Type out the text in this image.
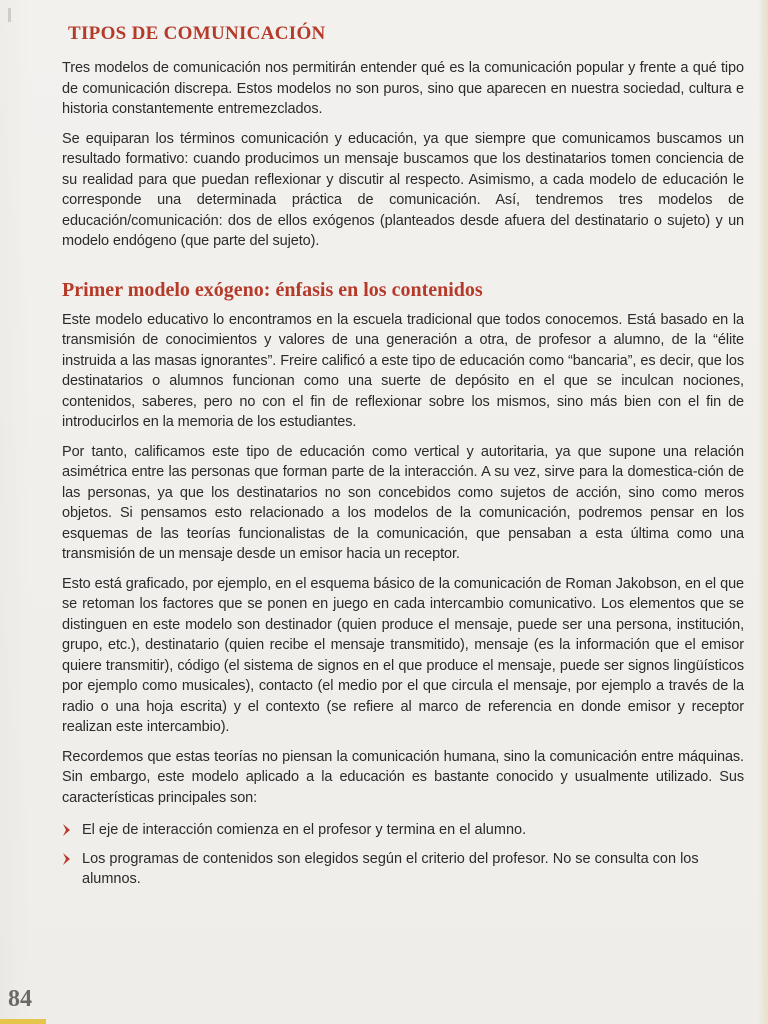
TIPOS DE COMUNICACIÓN

Tres modelos de comunicación nos permitirán entender qué es la comunicación popular y frente a qué tipo de comunicación discrepa. Estos modelos no son puros, sino que aparecen en nuestra sociedad, cultura e historia constantemente entremezclados.

Se equiparan los términos comunicación y educación, ya que siempre que comunicamos buscamos un resultado formativo: cuando producimos un mensaje buscamos que los destinatarios tomen conciencia de su realidad para que puedan reflexionar y discutir al respecto. Asimismo, a cada modelo de educación le corresponde una determinada práctica de comunicación. Así, tendremos tres modelos de educación/comunicación: dos de ellos exógenos (planteados desde afuera del destinatario o sujeto) y un modelo endógeno (que parte del sujeto).

Primer modelo exógeno: énfasis en los contenidos

Este modelo educativo lo encontramos en la escuela tradicional que todos conocemos. Está basado en la transmisión de conocimientos y valores de una generación a otra, de profesor a alumno, de la “élite instruida a las masas ignorantes”. Freire calificó a este tipo de educación como “bancaria”, es decir, que los destinatarios o alumnos funcionan como una suerte de depósito en el que se inculcan nociones, contenidos, saberes, pero no con el fin de reflexionar sobre los mismos, sino más bien con el fin de introducirlos en la memoria de los estudiantes.

Por tanto, calificamos este tipo de educación como vertical y autoritaria, ya que supone una relación asimétrica entre las personas que forman parte de la interacción. A su vez, sirve para la domestica-ción de las personas, ya que los destinatarios no son concebidos como sujetos de acción, sino como meros objetos. Si pensamos esto relacionado a los modelos de la comunicación, podremos pensar en los esquemas de las teorías funcionalistas de la comunicación, que pensaban a esta última como una transmisión de un mensaje desde un emisor hacia un receptor.

Esto está graficado, por ejemplo, en el esquema básico de la comunicación de Roman Jakobson, en el que se retoman los factores que se ponen en juego en cada intercambio comunicativo. Los elementos que se distinguen en este modelo son destinador (quien produce el mensaje, puede ser una persona, institución, grupo, etc.), destinatario (quien recibe el mensaje transmitido), mensaje (es la información que el emisor quiere transmitir), código (el sistema de signos en el que produce el mensaje, puede ser signos lingüísticos por ejemplo como musicales), contacto (el medio por el que circula el mensaje, por ejemplo a través de la radio o una hoja escrita) y el contexto (se refiere al marco de referencia en donde emisor y receptor realizan este intercambio).

Recordemos que estas teorías no piensan la comunicación humana, sino la comunicación entre máquinas. Sin embargo, este modelo aplicado a la educación es bastante conocido y usualmente utilizado. Sus características principales son:

El eje de interacción comienza en el profesor y termina en el alumno.
Los programas de contenidos son elegidos según el criterio del profesor. No se consulta con los alumnos.
84
